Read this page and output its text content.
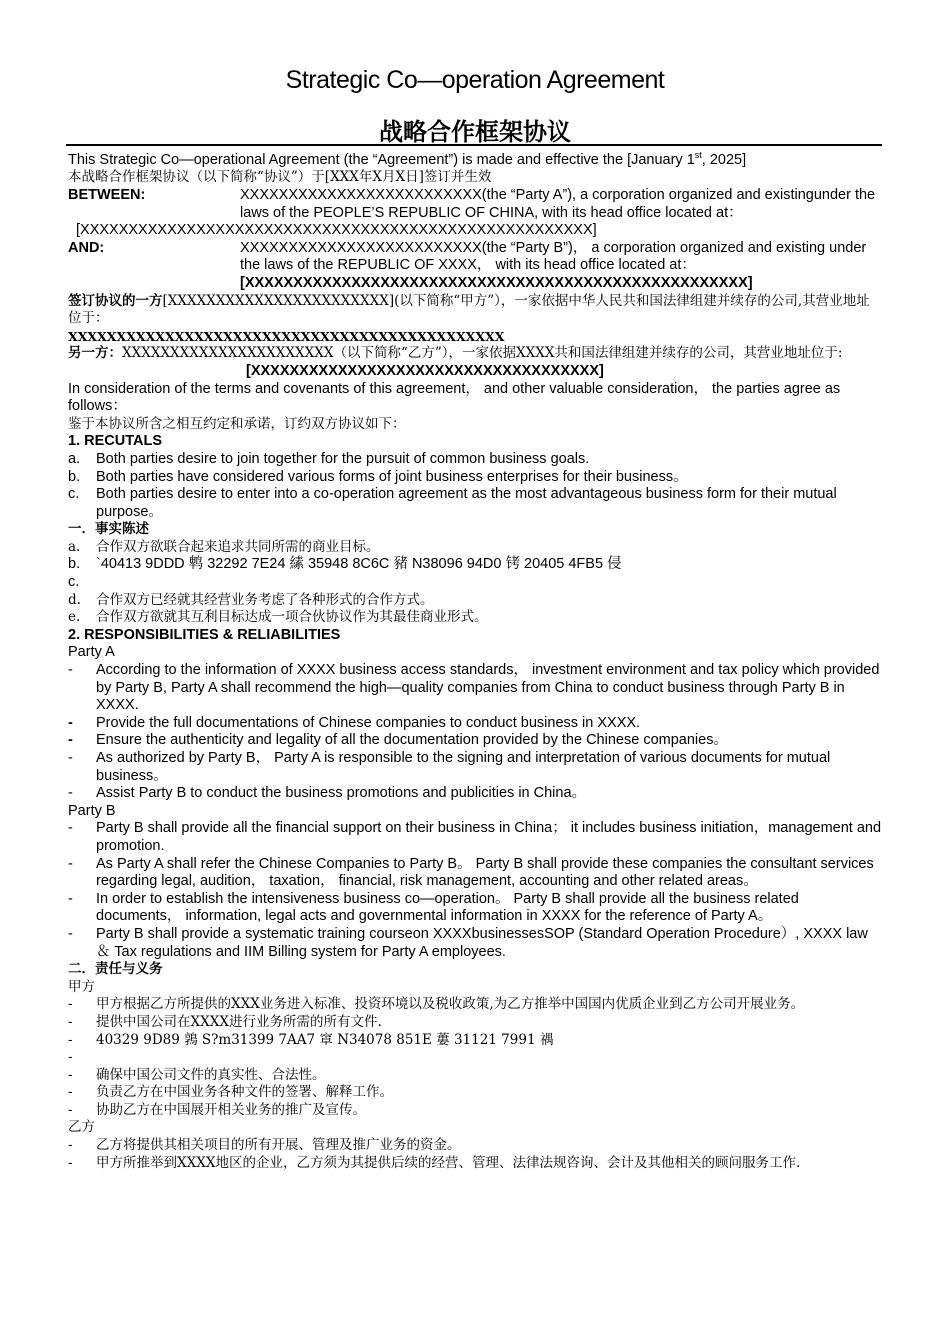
Strategic Co—operation Agreement
战略合作框架协议
This Strategic Co—operational Agreement (the “Agreement”) is made and effective the [January 1st, 2025]
本战略合作框架协议（以下简称“协议”）于[XXX年X月X日]签订并生效
BETWEEN:	XXXXXXXXXXXXXXXXXXXXXXXXX(the “Party A”), a corporation organized and existingunder the laws of the PEOPLE’S REPUBLIC OF CHINA, with its head office located at：
[XXXXXXXXXXXXXXXXXXXXXXXXXXXXXXXXXXXXXXXXXXXXXXXXXXXXX]
AND:	XXXXXXXXXXXXXXXXXXXXXXXXX(the “Party B”)， a corporation organized and existing under the laws of the REPUBLIC OF XXXX， with its head office located at：
[XXXXXXXXXXXXXXXXXXXXXXXXXXXXXXXXXXXXXXXXXXXXXXXXXXXX]
签订协议的一方[XXXXXXXXXXXXXXXXXXXXXXX](以下简称“甲方”），一家依据中华人民共和国法律组建并续存的公司,其营业地址位于：
XXXXXXXXXXXXXXXXXXXXXXXXXXXXXXXXXXXXXXXXXXXXX
另一方：XXXXXXXXXXXXXXXXXXXXXX（以下简称“乙方”），一家依据XXXX共和国法律组建并续存的公司，其营业地址位于:
[XXXXXXXXXXXXXXXXXXXXXXXXXXXXXXXXXXXX]
In consideration of the terms and covenants of this agreement， and other valuable consideration， the parties agree as follows：
鉴于本协议所含之相互约定和承诺，订约双方协议如下：
1. RECUTALS
a.	Both parties desire to join together for the pursuit of common business goals.
b.	Both parties have considered various forms of joint business enterprises for their business。
c.	Both parties desire to enter into a co-operation agreement as the most advantageous business form for their mutual purpose。
一．事实陈述
a.	合作双方欲联合起来追求共同所需的商业目标。
b.	`40413 9DDD 鹎 32292 7E24 縤 35948 8C6C 豬 N38096 94D0 铐 20405 4FB5 侵
c.
d.	合作双方已经就其经营业务考虑了各种形式的合作方式。
e.	合作双方欲就其互利目标达成一项合伙协议作为其最佳商业形式。
2. RESPONSIBILITIES & RELIABILITIES
Party A
-	According to the information of XXXX business access standards， investment environment and tax policy which provided by Party B, Party A shall recommend the high—quality companies from China to conduct business through Party B in XXXX.
-	Provide the full documentations of Chinese companies to conduct business in XXXX.
-	Ensure the authenticity and legality of all the documentation provided by the Chinese companies。
-	As authorized by Party B， Party A is responsible to the signing and interpretation of various documents for mutual business。
-	Assist Party B to conduct the business promotions and publicities in China。
Party B
-	Party B shall provide all the financial support on their business in China； it includes business initiation，management and promotion.
-	As Party A shall refer the Chinese Companies to Party B。 Party B shall provide these companies the consultant services regarding legal, audition， taxation， financial, risk management, accounting and other related areas。
-	In order to establish the intensiveness business co—operation。 Party B shall provide all the business related documents， information, legal acts and governmental information in XXXX for the reference of Party A。
-	Party B shall provide a systematic training courseon XXXXbusinessesSOP (Standard Operation Procedure）, XXXX law ＆ Tax regulations and IIM Billing system for Party A employees.
二．责任与义务
甲方
-	甲方根据乙方所提供的XXX业务进入标准、投资环境以及税收政策,为乙方推举中国国内优质企业到乙方公司开展业务。
-	提供中国公司在XXXX进行业务所需的所有文件.
-	40329 9D89 鶉 S?m31399 7AA7 窧 N34078 851E 蔞 31121 7991 禑
-
-	确保中国公司文件的真实性、合法性。
-	负责乙方在中国业务各种文件的签署、解释工作。
-	协助乙方在中国展开相关业务的推广及宣传。
乙方
-	乙方将提供其相关项目的所有开展、管理及推广业务的资金。
-	甲方所推举到XXXX地区的企业，乙方须为其提供后续的经营、管理、法律法规咨询、会计及其他相关的顾问服务工作.
